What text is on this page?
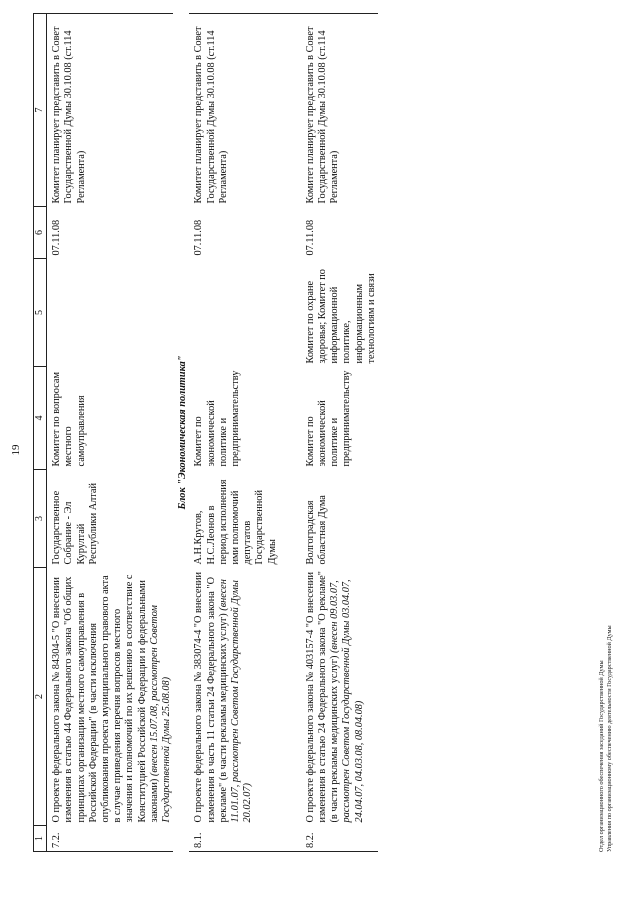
19
1	2	3	4	5	6	7
7.2.	О проекте федерального закона № 84304-5 "О внесении изменения в статью 44 Федерального закона "Об общих принципах организации местного самоуправления в Российской Федерации" (в части исключения опубликования проекта муниципального правового акта в случае приведения перечня вопросов местного значения и полномочий по их решению в соответствие с Конституцией Российской Федерации и федеральными законами) (внесен 15.07.08, рассмотрен Советом Государственной Думы 25.08.08)	Государственное Собрание - Эл Курултай Республики Алтай	Комитет по вопросам местного самоуправления		07.11.08	Комитет планирует представить в Совет Государственной Думы 30.10.08 (ст.114 Регламента)
Блок "Экономическая политика"						
8.1.	О проекте федерального закона № 383074-4 "О внесении изменения в часть 11 статьи 24 Федерального закона "О рекламе" (в части рекламы медицинских услуг) (внесен 11.01.07, рассмотрен Советом Государственной Думы 20.02.07)	А.Н.Крутов, Н.С.Леонов в период исполнения ими полномочий депутатов Государственной Думы	Комитет по экономической политике и предпринимательству		07.11.08	Комитет планирует представить в Совет Государственной Думы 30.10.08 (ст.114 Регламента)

8.2.	О проекте федерального закона № 403157-4 "О внесении изменения в статью 24 Федерального закона "О рекламе" (в части рекламы медицинских услуг) (внесен 09.03.07, рассмотрен Советом Государственной Думы 03.04.07, 24.04.07, 04.03.08, 08.04.08)	Волгоградская областная Дума	Комитет по экономической политике и предпринимательству	Комитет по охране здоровья; Комитет по информационной политике, информационным технологиям и связи	07.11.08	Комитет планирует представить в Совет Государственной Думы 30.10.08 (ст.114 Регламента)
Отдел организационного обеспечения заседаний Государственной Думы Управления по организационному обеспечению деятельности Государственной Думы
